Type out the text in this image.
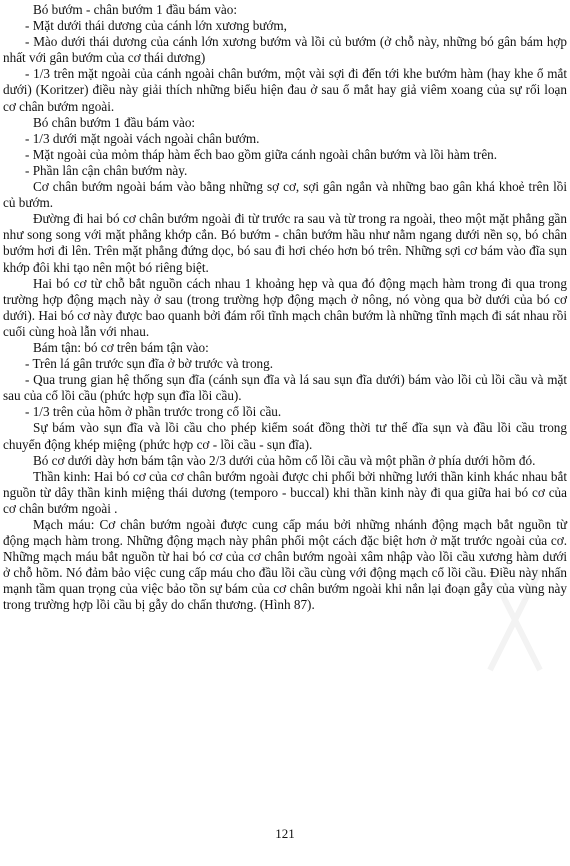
Bó bướm - chân bướm 1 đầu bám vào:

- Mặt dưới thái dương của cánh lớn xương bướm,

- Mào dưới thái dương của cánh lớn xương bướm và lồi củ bướm (ở chỗ này, những bó gân bám hợp nhất với gân bướm của cơ thái dương)

- 1/3 trên mặt ngoài của cánh ngoài chân bướm, một vài sợi đi đến tới khe bướm hàm (hay khe ổ mắt dưới) (Koritzer) điều này giải thích những biểu hiện đau ở sau ổ mắt hay giả viêm xoang của sự rối loạn cơ chân bướm ngoài.

Bó chân bướm 1 đầu bám vào:

- 1/3 dưới mặt ngoài vách ngoài chân bướm.

- Mặt ngoài của mỏm tháp hàm ếch bao gồm giữa cánh ngoài chân bướm và lồi hàm trên.

- Phần lân cận chân bướm này.

Cơ chân bướm ngoài bám vào bằng những sợ cơ, sợi gân ngắn và những bao gân khá khoẻ trên lồi củ bướm.

Đường đi hai bó cơ chân bướm ngoài đi từ trước ra sau và từ trong ra ngoài, theo một mặt phẳng gần như song song với mặt phẳng khớp cắn. Bó bướm - chân bướm hầu như nằm ngang dưới nền sọ, bó chân bướm hơi đi lên. Trên mặt phẳng đứng dọc, bó sau đi hơi chéo hơn bó trên. Những sợi cơ bám vào đĩa sụn khớp đôi khi tạo nên một bó riêng biệt.

Hai bó cơ từ chỗ bắt nguồn cách nhau 1 khoảng hẹp và qua đó động mạch hàm trong đi qua trong trường hợp động mạch này ở sau (trong trường hợp động mạch ở nông, nó vòng qua bờ dưới của bó cơ dưới). Hai bó cơ này được bao quanh bởi đám rối tĩnh mạch chân bướm là những tĩnh mạch đi sát nhau rồi cuối cùng hoà lẫn với nhau.

Bám tận: bó cơ trên bám tận vào:

- Trên lá gân trước sụn đĩa ở bờ trước và trong.

- Qua trung gian hệ thống sụn đĩa (cánh sụn đĩa và lá sau sụn đĩa dưới) bám vào lồi củ lồi cầu và mặt sau của cổ lồi cầu (phức hợp sụn đĩa lồi cầu).

- 1/3 trên của hõm ở phần trước trong cổ lồi cầu.

Sự bám vào sụn đĩa và lồi cầu cho phép kiểm soát đồng thời tư thế đĩa sụn và đầu lồi cầu trong chuyển động khép miệng (phức hợp cơ - lồi cầu - sụn đĩa).

Bó cơ dưới dày hơn bám tận vào 2/3 dưới của hõm cổ lồi cầu và một phần ở phía dưới hõm đó.

Thần kinh: Hai bó cơ của cơ chân bướm ngoài được chi phối bởi những lưới thần kinh khác nhau bắt nguồn từ dây thần kinh miệng thái dương (temporo - buccal) khi thần kinh này đi qua giữa hai bó cơ của cơ chân bướm ngoài .

Mạch máu: Cơ chân bướm ngoài được cung cấp máu bởi những nhánh động mạch bắt nguồn từ động mạch hàm trong. Những động mạch này phân phối một cách đặc biệt hơn ở mặt trước ngoài của cơ. Những mạch máu bắt nguồn từ hai bó cơ của cơ chân bướm ngoài xâm nhập vào lồi cầu xương hàm dưới ở chỗ hõm. Nó đảm bảo việc cung cấp máu cho đầu lồi cầu cùng với động mạch cổ lồi cầu. Điều này nhấn mạnh tầm quan trọng của việc bảo tồn sự bám của cơ chân bướm ngoài khi nắn lại đoạn gẫy của vùng này trong trường hợp lồi cầu bị gẫy do chấn thương. (Hình 87).

121
